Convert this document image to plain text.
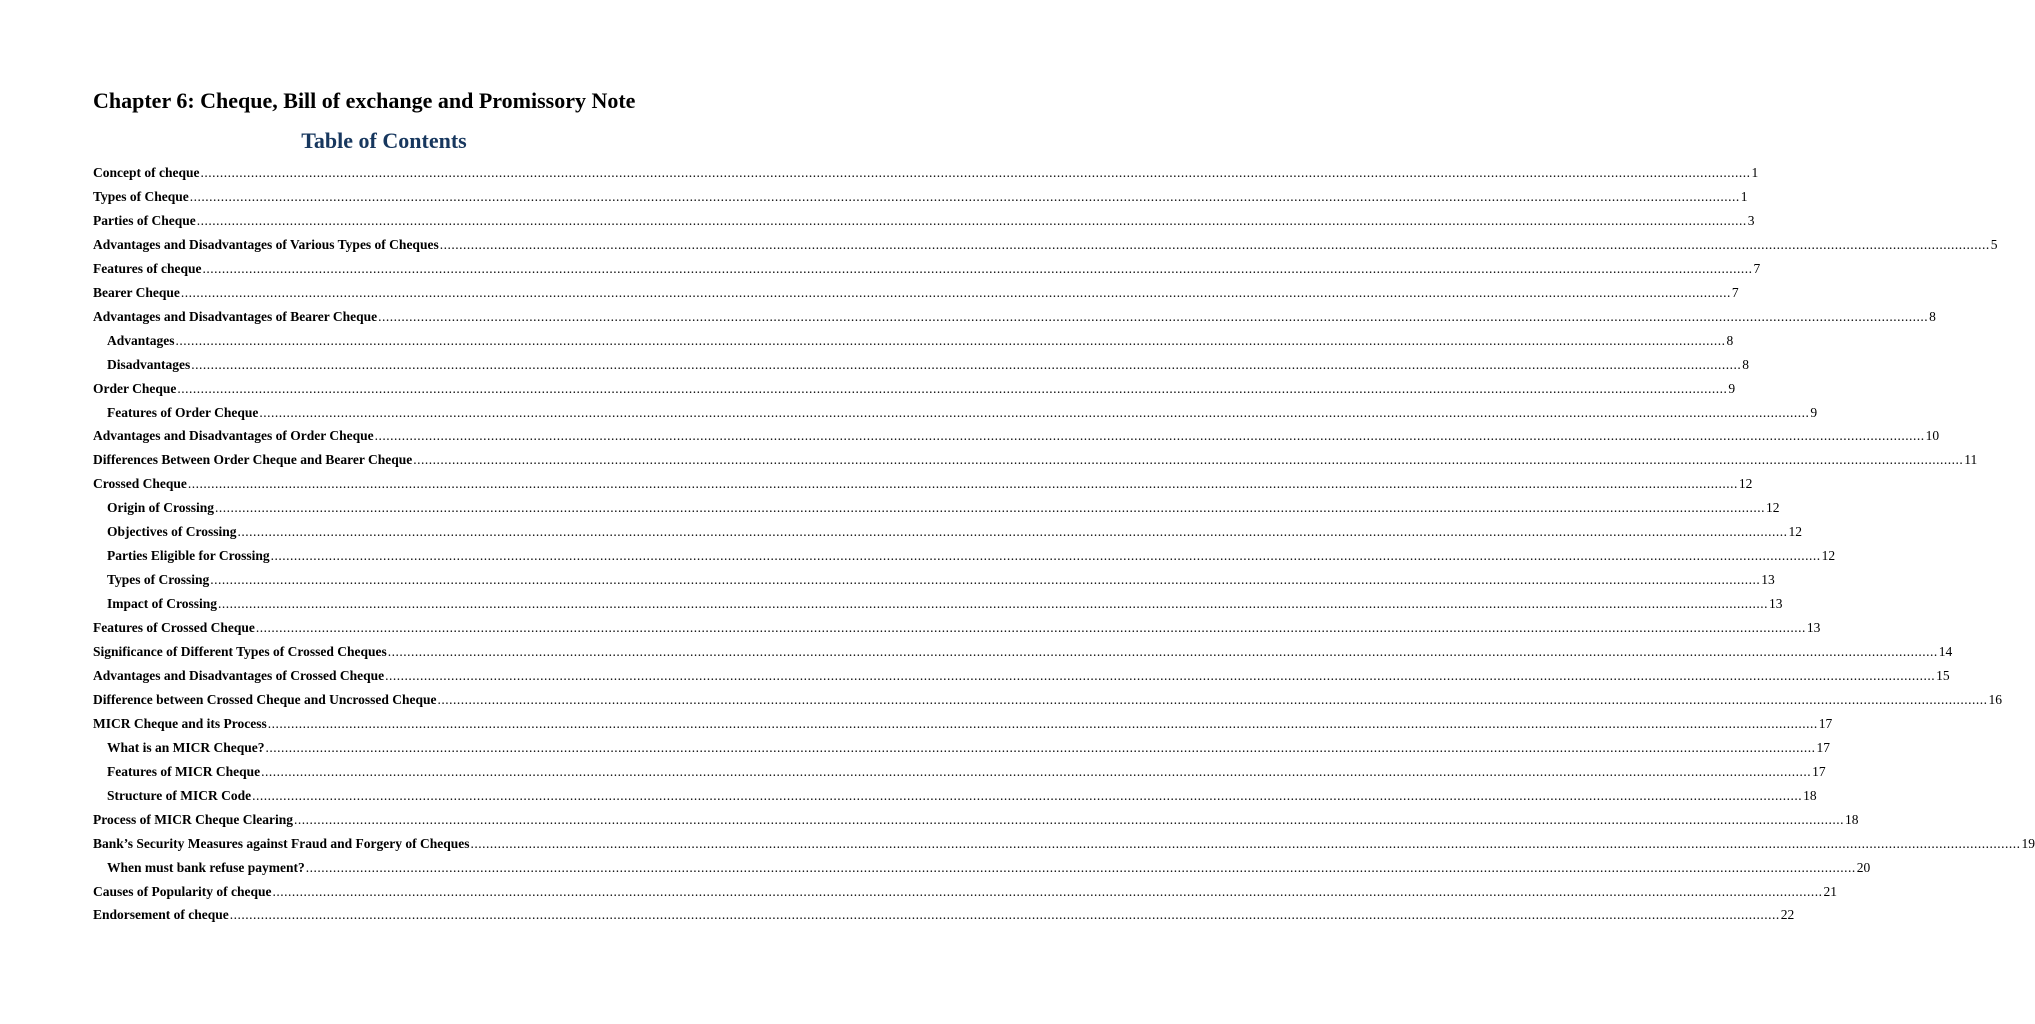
Chapter 6: Cheque, Bill of exchange and Promissory Note
Table of Contents
Concept of cheque ................................................................................................................................................................................................................................................................................................................................................................................................................ 1
Types of Cheque ................................................................................................................................................................................................................................................................................................................................................................................................................ 1
Parties of Cheque ................................................................................................................................................................................................................................................................................................................................................................................................................ 3
Advantages and Disadvantages of Various Types of Cheques ................................................................................................................................................................................................................................................................................................................................................................................................................ 5
Features of cheque ................................................................................................................................................................................................................................................................................................................................................................................................................ 7
Bearer Cheque ................................................................................................................................................................................................................................................................................................................................................................................................................ 7
Advantages and Disadvantages of Bearer Cheque ................................................................................................................................................................................................................................................................................................................................................................................................................ 8
Advantages ................................................................................................................................................................................................................................................................................................................................................................................................................ 8
Disadvantages ................................................................................................................................................................................................................................................................................................................................................................................................................ 8
Order Cheque ................................................................................................................................................................................................................................................................................................................................................................................................................ 9
Features of Order Cheque ................................................................................................................................................................................................................................................................................................................................................................................................................ 9
Advantages and Disadvantages of Order Cheque ................................................................................................................................................................................................................................................................................................................................................................................................................ 10
Differences Between Order Cheque and Bearer Cheque ................................................................................................................................................................................................................................................................................................................................................................................................................ 11
Crossed Cheque ................................................................................................................................................................................................................................................................................................................................................................................................................ 12
Origin of Crossing ................................................................................................................................................................................................................................................................................................................................................................................................................ 12
Objectives of Crossing ................................................................................................................................................................................................................................................................................................................................................................................................................ 12
Parties Eligible for Crossing ................................................................................................................................................................................................................................................................................................................................................................................................................ 12
Types of Crossing ................................................................................................................................................................................................................................................................................................................................................................................................................ 13
Impact of Crossing ................................................................................................................................................................................................................................................................................................................................................................................................................ 13
Features of Crossed Cheque ................................................................................................................................................................................................................................................................................................................................................................................................................ 13
Significance of Different Types of Crossed Cheques ................................................................................................................................................................................................................................................................................................................................................................................................................ 14
Advantages and Disadvantages of Crossed Cheque ................................................................................................................................................................................................................................................................................................................................................................................................................ 15
Difference between Crossed Cheque and Uncrossed Cheque ................................................................................................................................................................................................................................................................................................................................................................................................................ 16
MICR Cheque and its Process ................................................................................................................................................................................................................................................................................................................................................................................................................ 17
What is an MICR Cheque? ................................................................................................................................................................................................................................................................................................................................................................................................................ 17
Features of MICR Cheque ................................................................................................................................................................................................................................................................................................................................................................................................................ 17
Structure of MICR Code ................................................................................................................................................................................................................................................................................................................................................................................................................ 18
Process of MICR Cheque Clearing ................................................................................................................................................................................................................................................................................................................................................................................................................ 18
Bank’s Security Measures against Fraud and Forgery of Cheques ................................................................................................................................................................................................................................................................................................................................................................................................................ 19
When must bank refuse payment? ................................................................................................................................................................................................................................................................................................................................................................................................................ 20
Causes of Popularity of cheque ................................................................................................................................................................................................................................................................................................................................................................................................................ 21
Endorsement of cheque ................................................................................................................................................................................................................................................................................................................................................................................................................ 22
